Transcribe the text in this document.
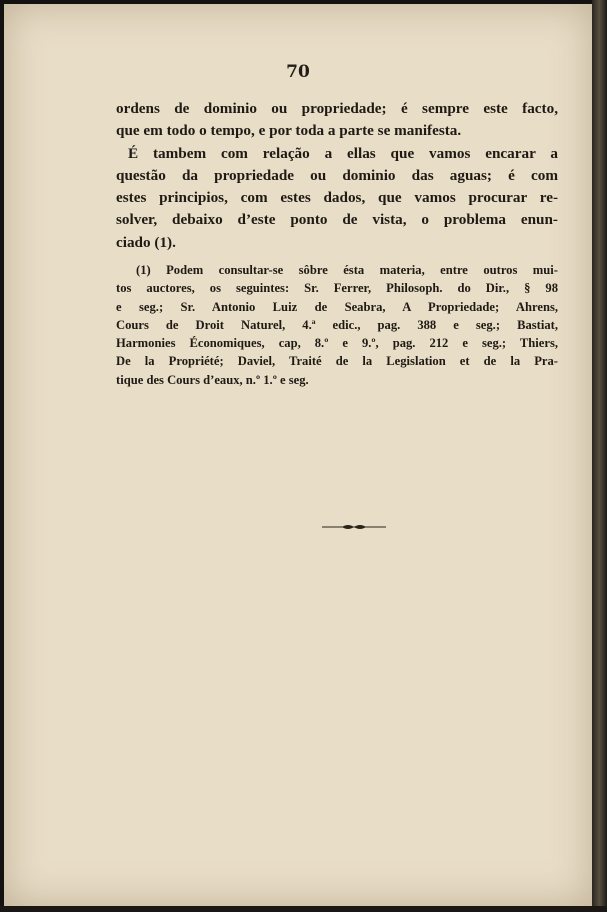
70
ordens de dominio ou propriedade; é sempre este facto,
que em todo o tempo, e por toda a parte se manifesta.
É tambem com relação a ellas que vamos encarar a
questão da propriedade ou dominio das aguas; é com
estes principios, com estes dados, que vamos procurar re-
solver, debaixo d’este ponto de vista, o problema enun-
ciado (1).
(1) Podem consultar-se sôbre ésta materia, entre outros mui-
tos auctores, os seguintes: Sr. Ferrer, Philosoph. do Dir., § 98
e seg.; Sr. Antonio Luiz de Seabra, A Propriedade; Ahrens,
Cours de Droit Naturel, 4.ª edic., pag. 388 e seg.; Bastiat,
Harmonies Économiques, cap, 8.º e 9.º, pag. 212 e seg.; Thiers,
De la Propriété; Daviel, Traité de la Legislation et de la Pra-
tique des Cours d’eaux, n.º 1.º e seg.
